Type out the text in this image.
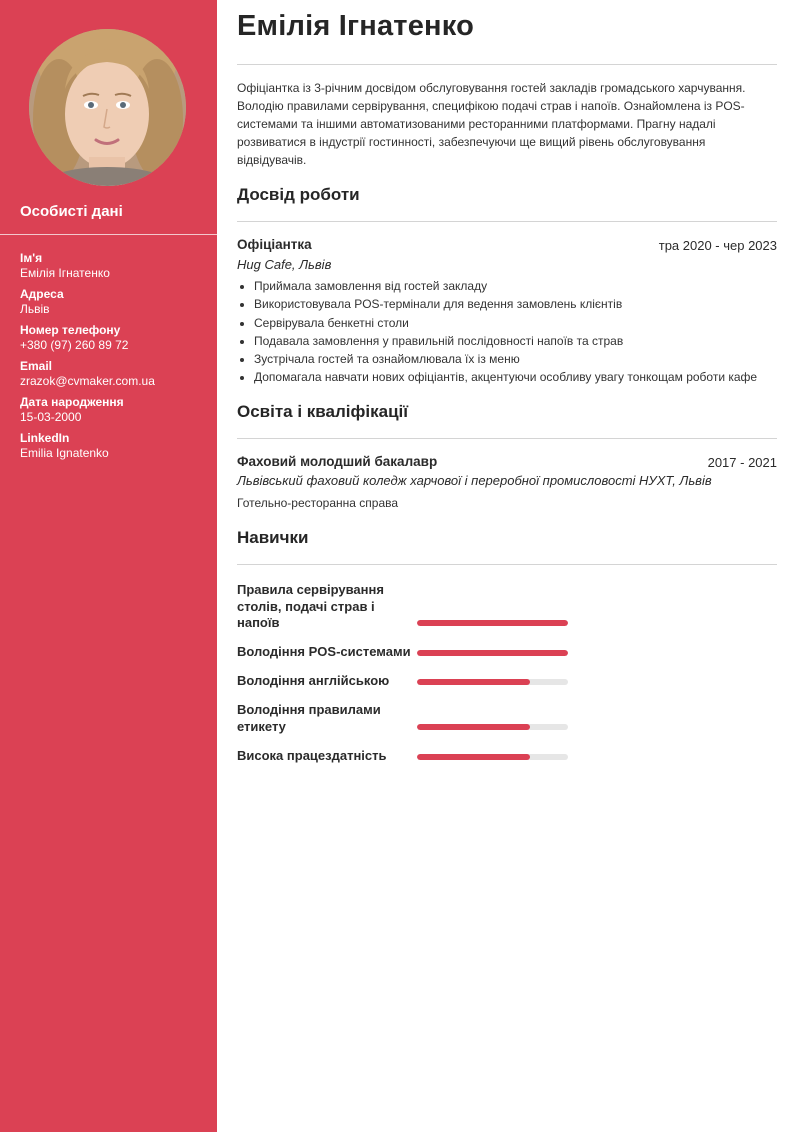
Особисті дані
Ім'я
Емілія Ігнатенко
Адреса
Львів
Номер телефону
+380 (97) 260 89 72
Email
zrazok@cvmaker.com.ua
Дата народження
15-03-2000
LinkedIn
Emilia Ignatenko
Емілія Ігнатенко
Офіціантка із 3-річним досвідом обслуговування гостей закладів громадського харчування. Володію правилами сервірування, специфікою подачі страв і напоїв. Ознайомлена із POS-системами та іншими автоматизованими ресторанними платформами. Прагну надалі розвиватися в індустрії гостинності, забезпечуючи ще вищий рівень обслуговування відвідувачів.
Досвід роботи
Офіціантка	тра 2020 - чер 2023
Hug Cafe, Львів
• Приймала замовлення від гостей закладу
• Використовувала POS-термінали для ведення замовлень клієнтів
• Сервірувала бенкетні столи
• Подавала замовлення у правильній послідовності напоїв та страв
• Зустрічала гостей та ознайомлювала їх із меню
• Допомагала навчати нових офіціантів, акцентуючи особливу увагу тонкощам роботи кафе
Освіта і кваліфікації
Фаховий молодший бакалавр	2017 - 2021
Львівський фаховий коледж харчової і переробної промисловості НУХТ, Львів
Готельно-ресторанна справа
Навички
Правила сервірування столів, подачі страв і напоїв
Володіння POS-системами
Володіння англійською
Володіння правилами етикету
Висока працездатність
